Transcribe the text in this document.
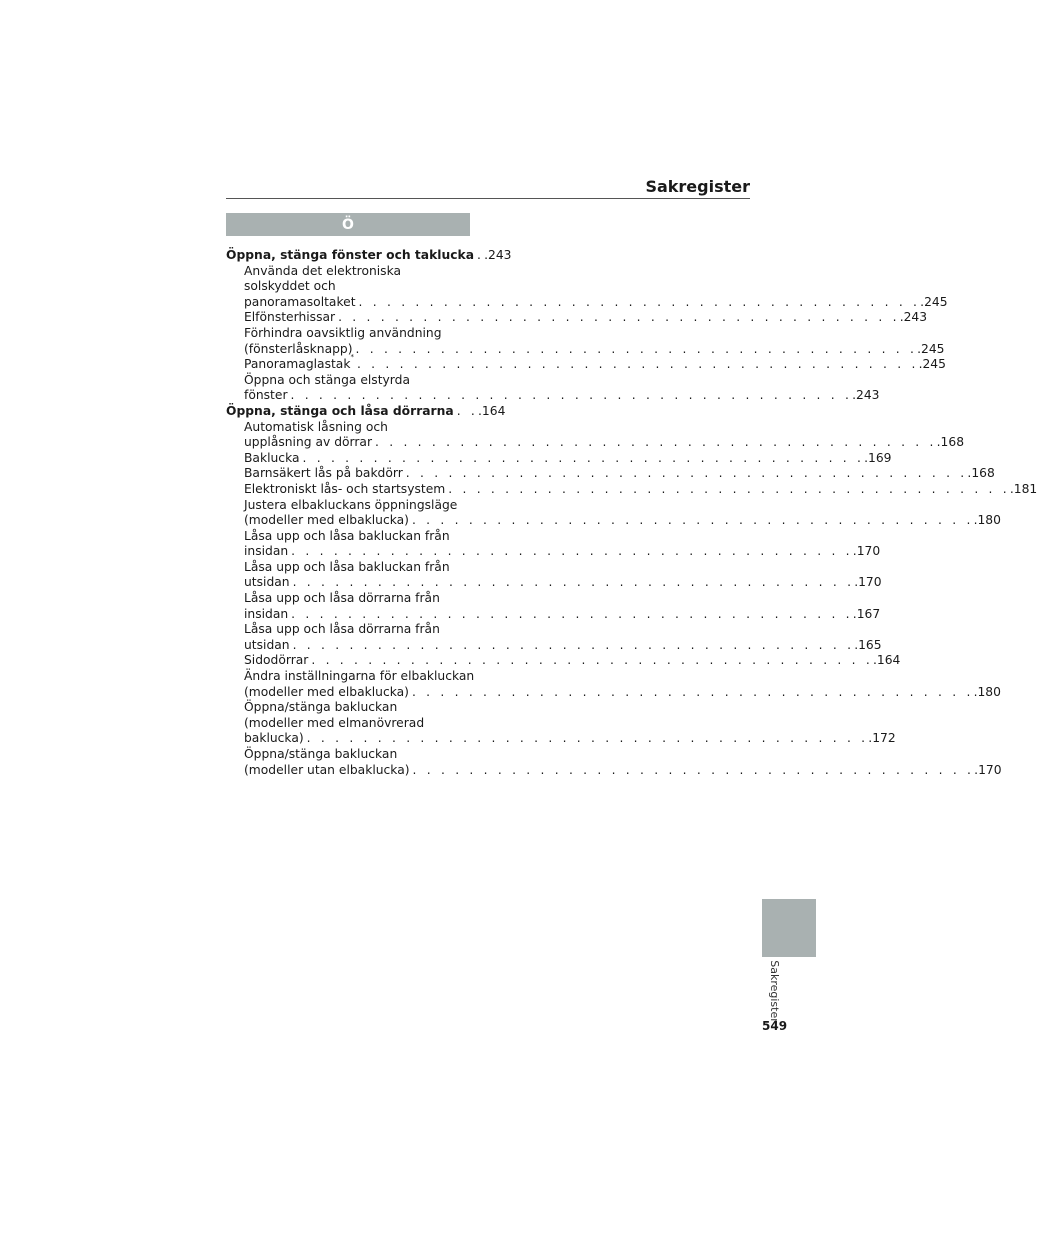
Sakregister
Ö
Öppna, stänga fönster och taklucka . .243
Använda det elektroniska
solskyddet och
panoramasoltaket . . . . . . . . . . . . . . . . . . . . . . . . . . . . . . . . . . . . . . . . .245
Elfönsterhissar . . . . . . . . . . . . . . . . . . . . . . . . . . . . . . . . . . . . . . . . .243
Förhindra oavsiktlig användning
(fönsterlåsknapp) . . . . . . . . . . . . . . . . . . . . . . . . . . . . . . . . . . . . . . . . .245
Panoramaglastak * . . . . . . . . . . . . . . . . . . . . . . . . . . . . . . . . . . . . . . . . .245
Öppna och stänga elstyrda
fönster . . . . . . . . . . . . . . . . . . . . . . . . . . . . . . . . . . . . . . . . .243
Öppna, stänga och låsa dörrarna . . .164
Automatisk låsning och
upplåsning av dörrar . . . . . . . . . . . . . . . . . . . . . . . . . . . . . . . . . . . . . . . . .168
Baklucka . . . . . . . . . . . . . . . . . . . . . . . . . . . . . . . . . . . . . . . . .169
Barnsäkert lås på bakdörr . . . . . . . . . . . . . . . . . . . . . . . . . . . . . . . . . . . . . . . . .168
Elektroniskt lås- och startsystem . . . . . . . . . . . . . . . . . . . . . . . . . . . . . . . . . . . . . . . . .181
Justera elbakluckans öppningsläge
(modeller med elbaklucka) . . . . . . . . . . . . . . . . . . . . . . . . . . . . . . . . . . . . . . . . .180
Låsa upp och låsa bakluckan från
insidan . . . . . . . . . . . . . . . . . . . . . . . . . . . . . . . . . . . . . . . . .170
Låsa upp och låsa bakluckan från
utsidan . . . . . . . . . . . . . . . . . . . . . . . . . . . . . . . . . . . . . . . . .170
Låsa upp och låsa dörrarna från
insidan . . . . . . . . . . . . . . . . . . . . . . . . . . . . . . . . . . . . . . . . .167
Låsa upp och låsa dörrarna från
utsidan . . . . . . . . . . . . . . . . . . . . . . . . . . . . . . . . . . . . . . . . .165
Sidodörrar . . . . . . . . . . . . . . . . . . . . . . . . . . . . . . . . . . . . . . . . .164
Ändra inställningarna för elbakluckan
(modeller med elbaklucka) . . . . . . . . . . . . . . . . . . . . . . . . . . . . . . . . . . . . . . . . .180
Öppna/stänga bakluckan
(modeller med elmanövrerad
baklucka) . . . . . . . . . . . . . . . . . . . . . . . . . . . . . . . . . . . . . . . . .172
Öppna/stänga bakluckan
(modeller utan elbaklucka) . . . . . . . . . . . . . . . . . . . . . . . . . . . . . . . . . . . . . . . . .170
Sakregister
549
